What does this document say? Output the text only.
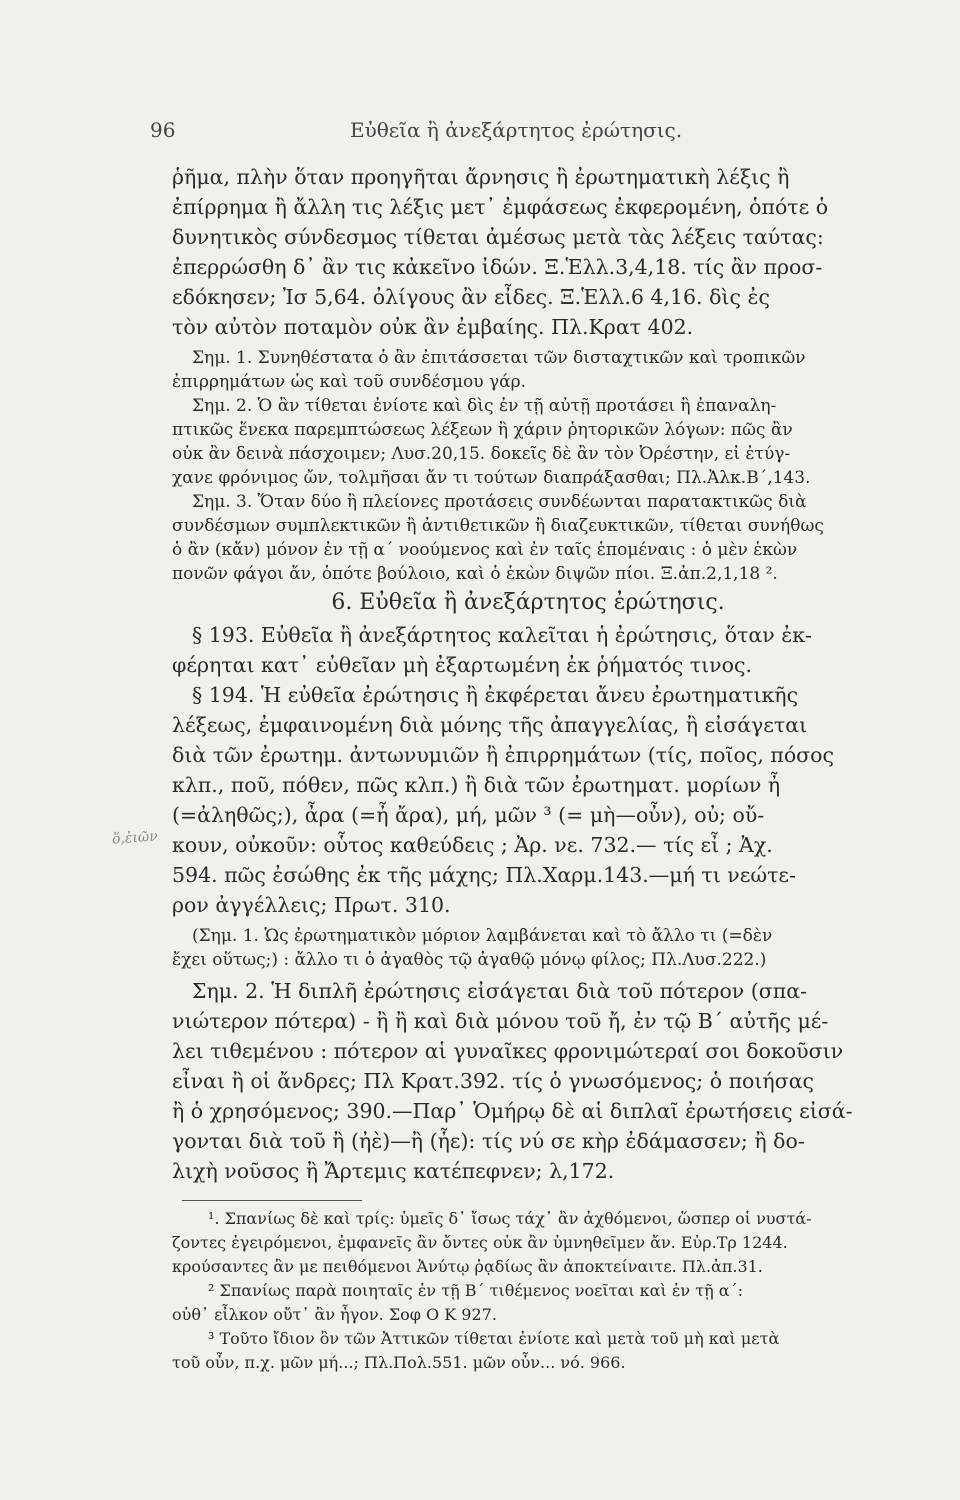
96	Εὐθεῖα ἢ ἀνεξάρτητος ἐρώτησις.
ὅ,ἐιῶν
ῥῆμα, πλὴν ὅταν προηγῆται ἄρνησις ἢ ἐρωτηματικὴ λέξις ἢ
ἐπίρρημα ἢ ἄλλη τις λέξις μετ᾽ ἐμφάσεως ἐκφερομένη, ὁπότε ὁ
δυνητικὸς σύνδεσμος τίθεται ἀμέσως μετὰ τὰς λέξεις ταύτας:
ἐπερρώσθη δ᾽ ἂν τις κἀκεῖνο ἰδών. Ξ.Ἑλλ.3,4,18. τίς ἂν προσ-
εδόκησεν; Ἰσ 5,64. ὀλίγους ἂν εἶδες. Ξ.Ἑλλ.6 4,16. δὶς ἐς
τὸν αὐτὸν ποταμὸν οὐκ ἂν ἐμβαίης. Πλ.Κρατ 402.
Σημ. 1. Συνηθέστατα ὁ ἂν ἐπιτάσσεται τῶν δισταχτικῶν καὶ τροπικῶν
ἐπιρρημάτων ὡς καὶ τοῦ συνδέσμου γάρ.
Σημ. 2. Ὁ ἂν τίθεται ἐνίοτε καὶ δὶς ἐν τῇ αὐτῇ προτάσει ἢ ἐπαναλη-
πτικῶς ἕνεκα παρεμπτώσεως λέξεων ἢ χάριν ῥητορικῶν λόγων: πῶς ἂν
οὐκ ἂν δεινὰ πάσχοιμεν; Λυσ.20,15. δοκεῖς δὲ ἂν τὸν Ὀρέστην, εἰ ἐτύγ-
χανε φρόνιμος ὤν, τολμῆσαι ἄν τι τούτων διαπράξασθαι; Πλ.Ἀλκ.Β΄,143.
Σημ. 3. Ὅταν δύο ἢ πλείονες προτάσεις συνδέωνται παρατακτικῶς διὰ
συνδέσμων συμπλεκτικῶν ἢ ἀντιθετικῶν ἢ διαζευκτικῶν, τίθεται συνήθως
ὁ ἂν (κἄν) μόνον ἐν τῇ α΄ νοούμενος καὶ ἐν ταῖς ἑπομέναις : ὁ μὲν ἑκὼν
πονῶν φάγοι ἄν, ὁπότε βούλοιο, καὶ ὁ ἑκὼν διψῶν πίοι. Ξ.ἀπ.2,1,18 ².
6. Εὐθεῖα ἢ ἀνεξάρτητος ἐρώτησις.
§ 193. Εὐθεῖα ἢ ἀνεξάρτητος καλεῖται ἡ ἐρώτησις, ὅταν ἐκ-
φέρηται κατ᾽ εὐθεῖαν μὴ ἐξαρτωμένη ἐκ ῥήματός τινος.
§ 194. Ἡ εὐθεῖα ἐρώτησις ἢ ἐκφέρεται ἄνευ ἐρωτηματικῆς
λέξεως, ἐμφαινομένη διὰ μόνης τῆς ἀπαγγελίας, ἢ εἰσάγεται
διὰ τῶν ἐρωτημ. ἀντωνυμιῶν ἢ ἐπιρρημάτων (τίς, ποῖος, πόσος
κλπ., ποῦ, πόθεν, πῶς κλπ.) ἢ διὰ τῶν ἐρωτηματ. μορίων ἦ
(=ἀληθῶς;), ἆρα (=ἦ ἄρα), μή, μῶν ³ (= μὴ—οὖν), οὐ; οὔ-
κουν, οὐκοῦν: οὗτος καθεύδεις ; Ἀρ. νε. 732.— τίς εἶ ; Ἀχ.
594. πῶς ἐσώθης ἐκ τῆς μάχης; Πλ.Χαρμ.143.—μή τι νεώτε-
ρον ἀγγέλλεις; Πρωτ. 310.
(Σημ. 1. Ὡς ἐρωτηματικὸν μόριον λαμβάνεται καὶ τὸ ἄλλο τι (=δὲν
ἔχει οὕτως;) : ἄλλο τι ὁ ἀγαθὸς τῷ ἀγαθῷ μόνῳ φίλος; Πλ.Λυσ.222.)
Σημ. 2. Ἡ διπλῆ ἐρώτησις εἰσάγεται διὰ τοῦ πότερον (σπα-
νιώτερον πότερα) - ἢ ἢ καὶ διὰ μόνου τοῦ ἤ, ἐν τῷ Β΄ αὐτῆς μέ-
λει τιθεμένου : πότερον αἱ γυναῖκες φρονιμώτεραί σοι δοκοῦσιν
εἶναι ἢ οἱ ἄνδρες; Πλ Κρατ.392. τίς ὁ γνωσόμενος; ὁ ποιήσας
ἢ ὁ χρησόμενος; 390.—Παρ᾽ Ὁμήρῳ δὲ αἱ διπλαῖ ἐρωτήσεις εἰσά-
γονται διὰ τοῦ ἢ (ἠὲ)—ἢ (ἦε): τίς νύ σε κὴρ ἐδάμασσεν; ἢ δο-
λιχὴ νοῦσος ἢ Ἄρτεμις κατέπεφνεν; λ,172.
¹. Σπανίως δὲ καὶ τρίς: ὑμεῖς δ᾽ ἴσως τάχ᾽ ἂν ἀχθόμενοι, ὥσπερ οἱ νυστά-
ζοντες ἐγειρόμενοι, ἐμφανεῖς ἂν ὄντες οὐκ ἂν ὑμνηθεῖμεν ἄν. Εὐρ.Τρ 1244.
κρούσαντες ἂν με πειθόμενοι Ἀνύτῳ ῥᾳδίως ἂν ἀποκτείναιτε. Πλ.ἀπ.31.
² Σπανίως παρὰ ποιηταῖς ἐν τῇ Β΄ τιθέμενος νοεῖται καὶ ἐν τῇ α΄:
οὐθ᾽ εἶλκον οὔτ᾽ ἂν ἦγον. Σοφ Ο Κ 927.
³ Τοῦτο ἴδιον ὂν τῶν Ἀττικῶν τίθεται ἐνίοτε καὶ μετὰ τοῦ μὴ καὶ μετὰ
τοῦ οὖν, π.χ. μῶν μή...; Πλ.Πολ.551. μῶν οὖν... νό. 966.
